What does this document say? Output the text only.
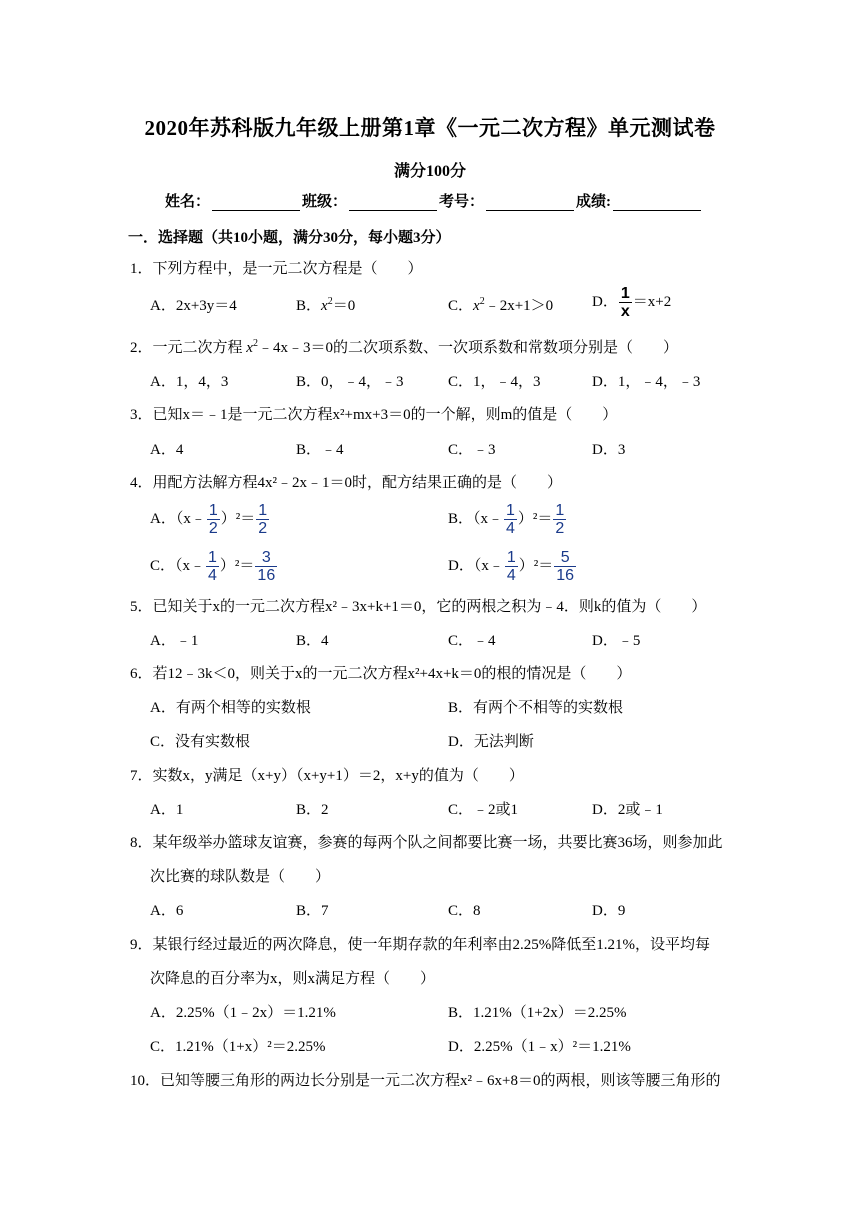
2020年苏科版九年级上册第1章《一元二次方程》单元测试卷
满分100分
姓名：	班级：	考号：	成绩:
一．选择题（共10小题，满分30分，每小题3分）
1．下列方程中，是一元二次方程是（　　）
A．2x+3y＝4	B．$x^2=0$	C．$x^2﹣2x+1>0$	D． $\frac{1}{x} =x+2$
2．一元二次方程 $x^2﹣4x﹣3=0$的二次项系数、一次项系数和常数项分别是（　　）
A．1，4，3	B．0，﹣4，﹣3	C．1，﹣4，3	D．1，﹣4，﹣3
3．已知x＝﹣1是一元二次方程x²+mx+3＝0的一个解，则m的值是（　　）
A．4	B．﹣4	C．﹣3	D．3
4．用配方法解方程4x²﹣2x﹣1＝0时，配方结果正确的是（　　）
A．（x﹣ $\frac{1}{2} )^2= \frac{1}{2}$	B．（x﹣ $\frac{1}{4} )^2= \frac{1}{2}$
C．（x﹣ $\frac{1}{4} )^2= \frac{3}{16}$	D．（x﹣ $\frac{1}{4} )^2= \frac{5}{16}$
5．已知关于x的一元二次方程x²﹣3x+k+1＝0，它的两根之积为﹣4．则k的值为（　　）
A．﹣1	B．4	C．﹣4	D．﹣5
6．若12﹣3k＜0，则关于x的一元二次方程x²+4x+k＝0的根的情况是（　　）
A．有两个相等的实数根	B．有两个不相等的实数根
C．没有实数根	D．无法判断
7．实数x，y满足（x+y）（x+y+1）＝2，x+y的值为（　　）
A．1	B．2	C．﹣2或1	D．2或﹣1
8．某年级举办篮球友谊赛，参赛的每两个队之间都要比赛一场，共要比赛36场，则参加此
次比赛的球队数是（　　）
A．6	B．7	C．8	D．9
9．某银行经过最近的两次降息，使一年期存款的年利率由2.25%降低至1.21%，设平均每
次降息的百分率为x，则x满足方程（　　）
A．2.25%（1﹣2x）＝1.21%	B．1.21%（1+2x）＝2.25%
C．1.21%（1+x）²＝2.25%	D．2.25%（1﹣x）²＝1.21%
10．已知等腰三角形的两边长分别是一元二次方程x²﹣6x+8＝0的两根，则该等腰三角形的
